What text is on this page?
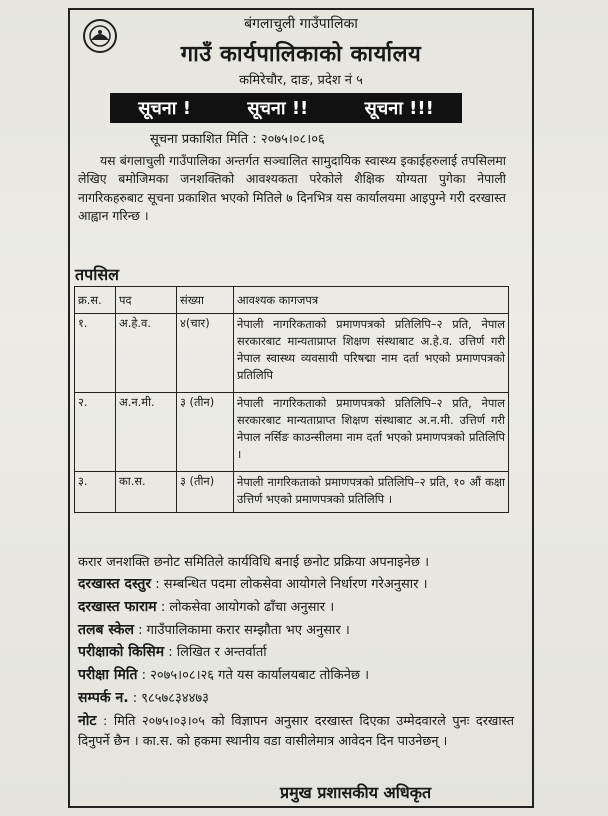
बंगलाचुली गाउँपालिका
गाउँ कार्यपालिकाको कार्यालय
कमिरेचौर, दाङ, प्रदेश नं ५
सूचना !	सूचना !!	सूचना !!!
सूचना प्रकाशित मिति : २०७५।०८।०६
यस बंगलाचुली गाउँपालिका अन्तर्गत सञ्चालित सामुदायिक स्वास्थ्य इकाईहरुलाई तपसिलमा लेखिए बमोजिमका जनशक्तिको आवश्यकता परेकोले शैक्षिक योग्यता पुगेका नेपाली नागरिकहरुबाट सूचना प्रकाशित भएको मितिले ७ दिनभित्र यस कार्यालयमा आइपुग्ने गरी दरखास्त आह्वान गरिन्छ ।
तपसिल
क्र.स.	पद	संख्या	आवश्यक कागजपत्र
१.	अ.हे.व.	४(चार)	नेपाली नागरिकताको प्रमाणपत्रको प्रतिलिपि–२ प्रति, नेपाल सरकारबाट मान्यताप्राप्त शिक्षण संस्थाबाट अ.हे.व. उत्तिर्ण गरी नेपाल स्वास्थ्य व्यवसायी परिषद्मा नाम दर्ता भएको प्रमाणपत्रको प्रतिलिपि
२.	अ.न.मी.	३ (तीन)	नेपाली नागरिकताको प्रमाणपत्रको प्रतिलिपि–२ प्रति, नेपाल सरकारबाट मान्यताप्राप्त शिक्षण संस्थाबाट अ.न.मी. उत्तिर्ण गरी नेपाल नर्सिङ काउन्सीलमा नाम दर्ता भएको प्रमाणपत्रको प्रतिलिपि ।
३.	का.स.	३ (तीन)	नेपाली नागरिकताको प्रमाणपत्रको प्रतिलिपि–२ प्रति, १० औं कक्षा उत्तिर्ण भएको प्रमाणपत्रको प्रतिलिपि ।
करार जनशक्ति छनोट समितिले कार्यविधि बनाई छनोट प्रक्रिया अपनाइनेछ ।
दरखास्त दस्तुर : सम्बन्धित पदमा लोकसेवा आयोगले निर्धारण गरेअनुसार ।
दरखास्त फाराम : लोकसेवा आयोगको ढाँचा अनुसार ।
तलब स्केल : गाउँपालिकामा करार सम्झौता भए अनुसार ।
परीक्षाको किसिम : लिखित र अन्तर्वार्ता
परीक्षा मिति : २०७५।०८।२६ गते यस कार्यालयबाट तोकिनेछ ।
सम्पर्क न. : ९८५७८३४४७३
नोट : मिति २०७५।०३।०५ को विज्ञापन अनुसार दरखास्त दिएका उम्मेदवारले पुनः दरखास्त दिनुपर्ने छैन । का.स. को हकमा स्थानीय वडा वासीलेमात्र आवेदन दिन पाउनेछन् ।
प्रमुख प्रशासकीय अधिकृत
